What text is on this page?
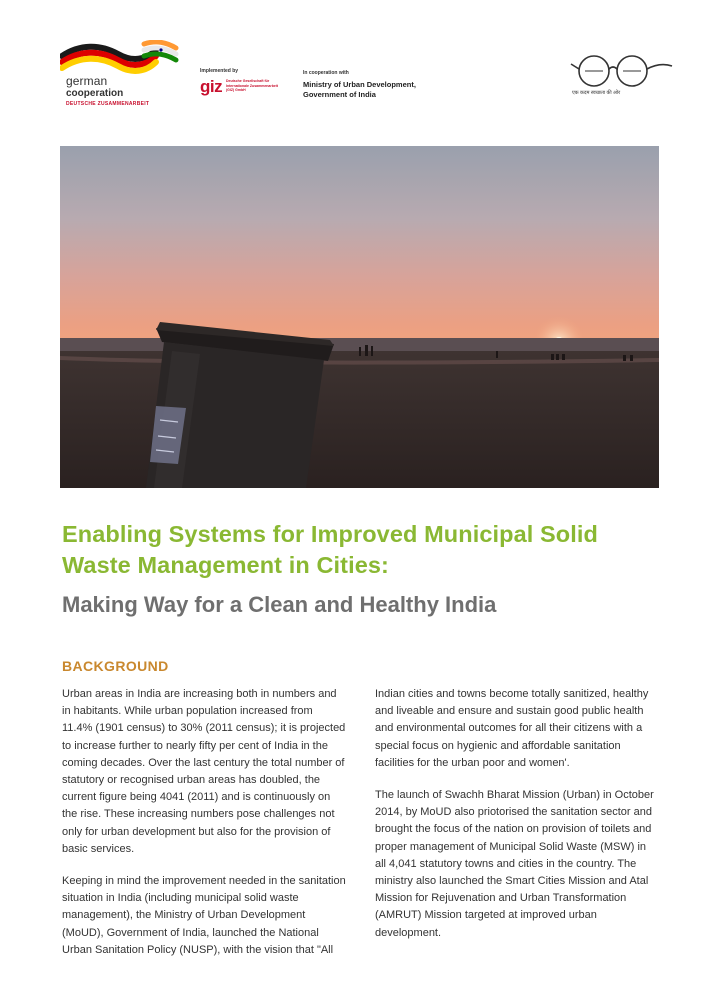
german
cooperation
DEUTSCHE ZUSAMMENARBEIT
Implemented by
giz Deutsche Gesellschaft für Internationale Zusammenarbeit (GIZ) GmbH
In cooperation with
Ministry of Urban Development,
Government of India	एक कदम स्वच्छता की ओर
Enabling Systems for Improved Municipal Solid
Waste Management in Cities:
Making Way for a Clean and Healthy India
BACKGROUND

Urban areas in India are increasing both in numbers and in habitants. While urban population increased from 11.4% (1901 census) to 30% (2011 census); it is projected to increase further to nearly fifty per cent of India in the coming decades. Over the last century the total number of statutory or recognised urban areas has doubled, the current figure being 4041 (2011) and is continuously on the rise. These increasing numbers pose challenges not only for urban development but also for the provision of basic services.

Keeping in mind the improvement needed in the sanitation situation in India (including municipal solid waste management), the Ministry of Urban Development (MoUD), Government of India, launched the National Urban Sanitation Policy (NUSP), with the vision that "All

Indian cities and towns become totally sanitized, healthy and liveable and ensure and sustain good public health and environmental outcomes for all their citizens with a special focus on hygienic and affordable sanitation facilities for the urban poor and women'.

The launch of Swachh Bharat Mission (Urban) in October 2014, by MoUD also priotorised the sanitation sector and brought the focus of the nation on provision of toilets and proper management of Municipal Solid Waste (MSW) in all 4,041 statutory towns and cities in the country. The ministry also launched the Smart Cities Mission and Atal Mission for Rejuvenation and Urban Transformation (AMRUT) Mission targeted at improved urban development.
